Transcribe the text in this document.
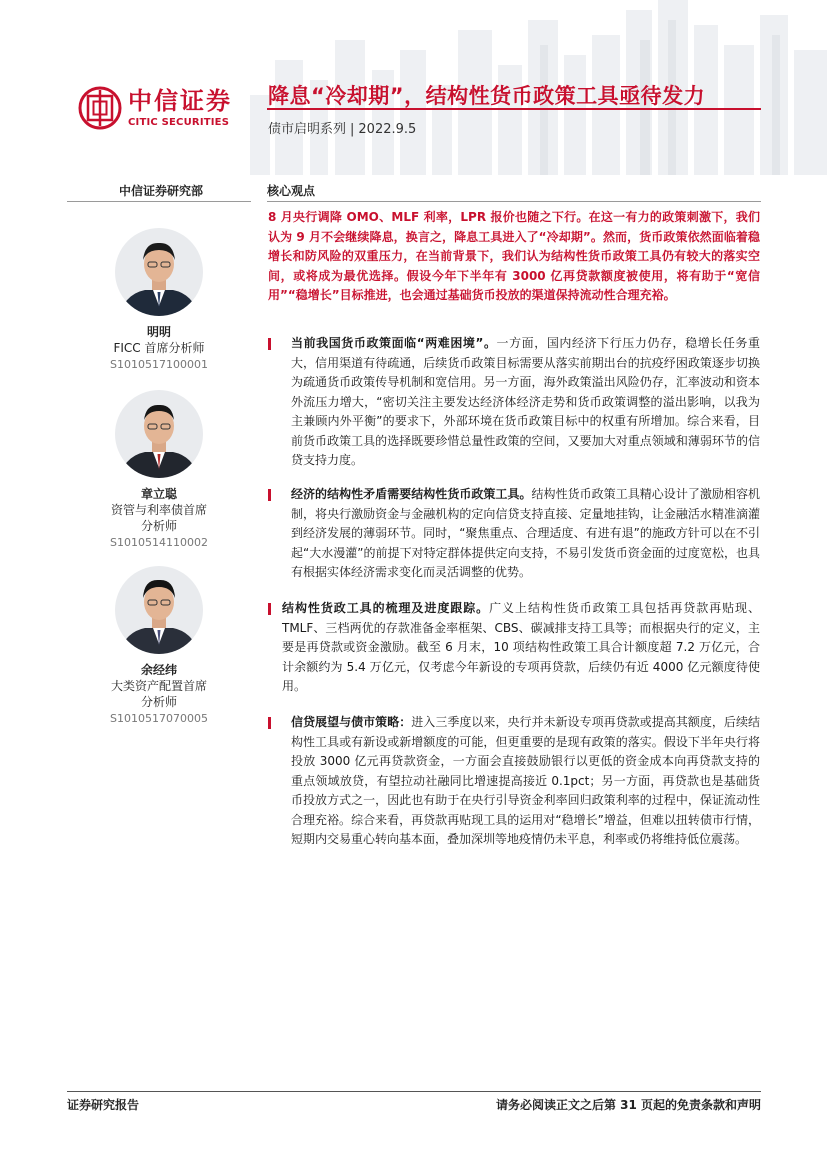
中信证券
CITIC SECURITIES
降息“冷却期”，结构性货币政策工具亟待发力
债市启明系列 | 2022.9.5
中信证券研究部	核心观点
明明
FICC 首席分析师
S1010517100001
章立聪
资管与利率债首席
分析师
S1010514110002
余经纬
大类资产配置首席
分析师
S1010517070005

8 月央行调降 OMO、MLF 利率，LPR 报价也随之下行。在这一有力的政策刺激下，我们认为 9 月不会继续降息，换言之，降息工具进入了“冷却期”。然而，货币政策依然面临着稳增长和防风险的双重压力，在当前背景下，我们认为结构性货币政策工具仍有较大的落实空间，或将成为最优选择。假设今年下半年有 3000 亿再贷款额度被使用，将有助于“宽信用”“稳增长”目标推进，也会通过基础货币投放的渠道保持流动性合理充裕。

当前我国货币政策面临“两难困境”。一方面，国内经济下行压力仍存，稳增长任务重大，信用渠道有待疏通，后续货币政策目标需要从落实前期出台的抗疫纾困政策逐步切换为疏通货币政策传导机制和宽信用。另一方面，海外政策溢出风险仍存，汇率波动和资本外流压力增大，“密切关注主要发达经济体经济走势和货币政策调整的溢出影响，以我为主兼顾内外平衡”的要求下，外部环境在货币政策目标中的权重有所增加。综合来看，目前货币政策工具的选择既要珍惜总量性政策的空间，又要加大对重点领域和薄弱环节的信贷支持力度。
经济的结构性矛盾需要结构性货币政策工具。结构性货币政策工具精心设计了激励相容机制，将央行激励资金与金融机构的定向信贷支持直接、定量地挂钩，让金融活水精准滴灌到经济发展的薄弱环节。同时，“聚焦重点、合理适度、有进有退”的施政方针可以在不引起“大水漫灌”的前提下对特定群体提供定向支持，不易引发货币资金面的过度宽松，也具有根据实体经济需求变化而灵活调整的优势。
结构性货政工具的梳理及进度跟踪。广义上结构性货币政策工具包括再贷款再贴现、TMLF、三档两优的存款准备金率框架、CBS、碳减排支持工具等；而根据央行的定义，主要是再贷款或资金激励。截至 6 月末，10 项结构性政策工具合计额度超 7.2 万亿元，合计余额约为 5.4 万亿元，仅考虑今年新设的专项再贷款，后续仍有近 4000 亿元额度待使用。
信贷展望与债市策略：进入三季度以来，央行并未新设专项再贷款或提高其额度，后续结构性工具或有新设或新增额度的可能，但更重要的是现有政策的落实。假设下半年央行将投放 3000 亿元再贷款资金，一方面会直接鼓励银行以更低的资金成本向再贷款支持的重点领域放贷，有望拉动社融同比增速提高接近 0.1pct；另一方面，再贷款也是基础货币投放方式之一，因此也有助于在央行引导资金利率回归政策利率的过程中，保证流动性合理充裕。综合来看，再贷款再贴现工具的运用对“稳增长”增益，但难以扭转债市行情，短期内交易重心转向基本面，叠加深圳等地疫情仍未平息，利率或仍将维持低位震荡。
证券研究报告	请务必阅读正文之后第 31 页起的免责条款和声明
